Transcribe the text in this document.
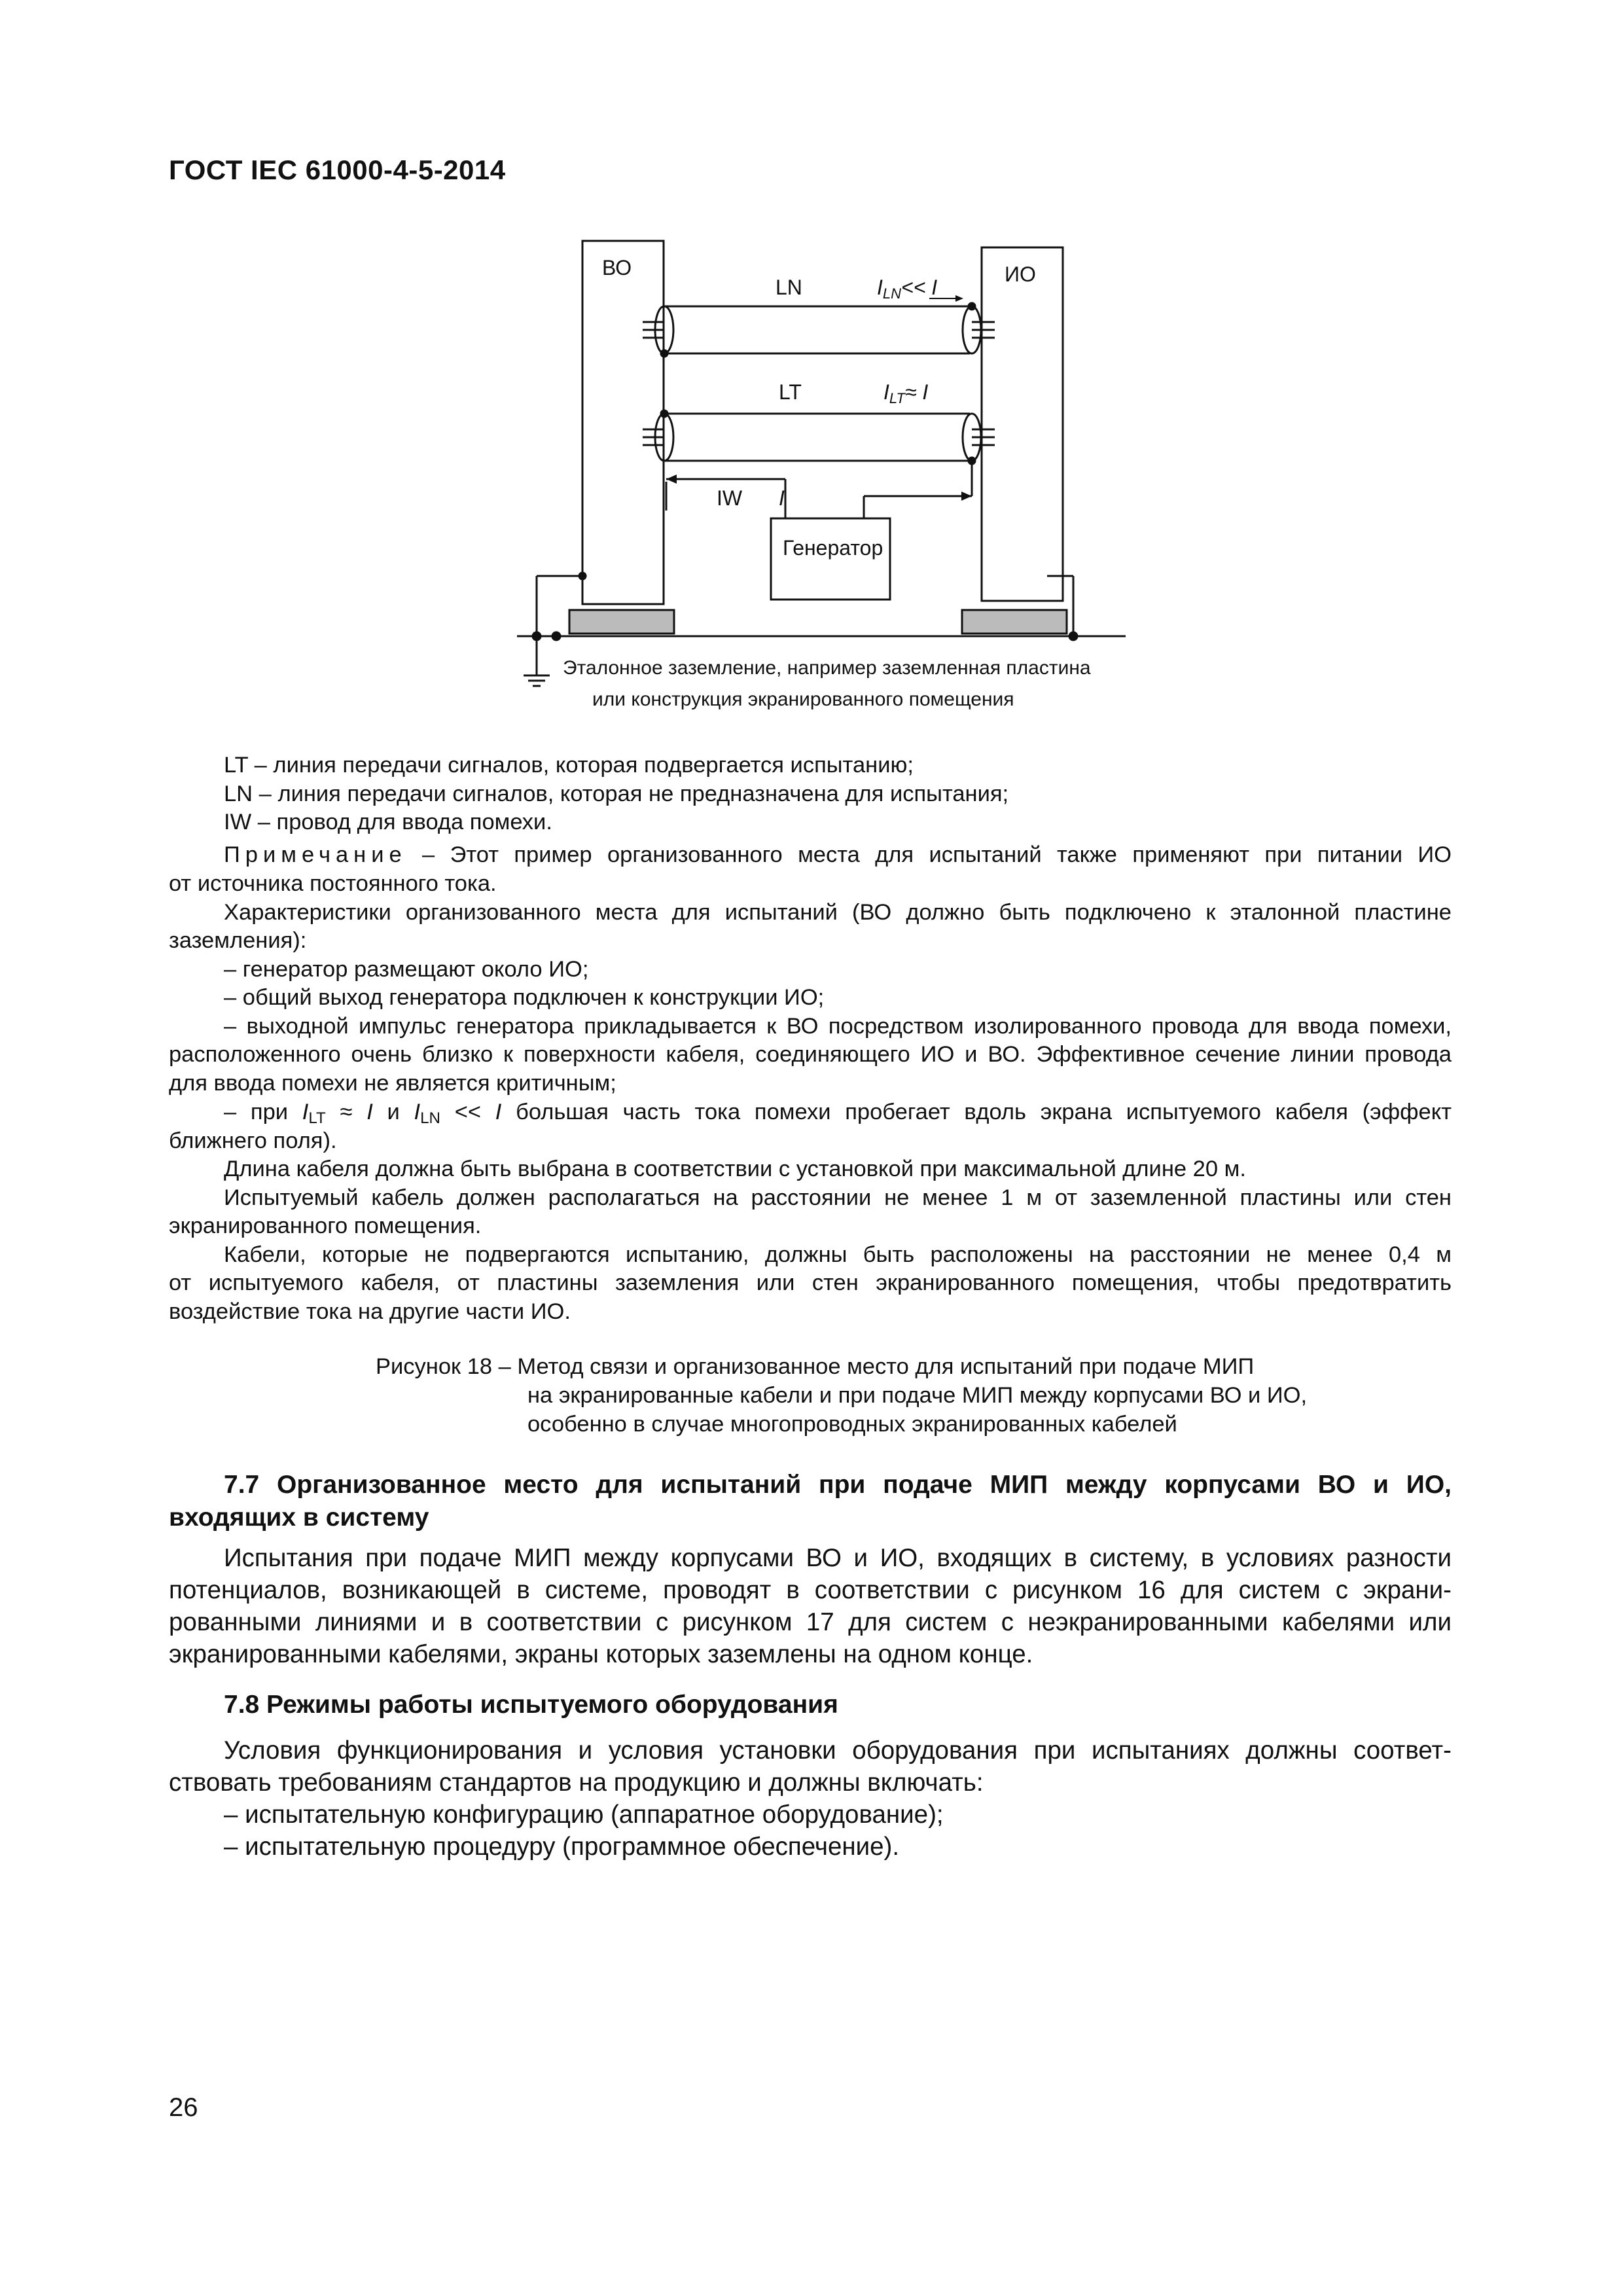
ГОСТ IEC 61000-4-5-2014
ВО	ИО
LN	ILN<< I
LT	ILT≈ I
IW I
Генератор
Эталонное заземление, например заземленная пластина
или конструкция экранированного помещения
LT – линия передачи сигналов, которая подвергается испытанию;
LN – линия передачи сигналов, которая не предназначена для испытания;
IW – провод для ввода помехи.
Примечание – Этот пример организованного места для испытаний также применяют при питании ИО
от источника постоянного тока.
Характеристики организованного места для испытаний (ВО должно быть подключено к эталонной пластине
заземления):
– генератор размещают около ИО;
– общий выход генератора подключен к конструкции ИО;
– выходной импульс генератора прикладывается к ВО посредством изолированного провода для ввода помехи,
расположенного очень близко к поверхности кабеля, соединяющего ИО и ВО. Эффективное сечение линии провода
для ввода помехи не является критичным;
– при $I_{LT} \approx I$ и $I_{LN} << I$ большая часть тока помехи пробегает вдоль экрана испытуемого кабеля (эффект
ближнего поля).
Длина кабеля должна быть выбрана в соответствии с установкой при максимальной длине 20 м.
Испытуемый кабель должен располагаться на расстоянии не менее 1 м от заземленной пластины или стен
экранированного помещения.
Кабели, которые не подвергаются испытанию, должны быть расположены на расстоянии не менее 0,4 м
от испытуемого кабеля, от пластины заземления или стен экранированного помещения, чтобы предотвратить
воздействие тока на другие части ИО.
Рисунок 18 – Метод связи и организованное место для испытаний при подаче МИП
на экранированные кабели и при подаче МИП между корпусами ВО и ИО,
особенно в случае многопроводных экранированных кабелей
7.7 Организованное место для испытаний при подаче МИП между корпусами ВО и ИО,
входящих в систему
Испытания при подаче МИП между корпусами ВО и ИО, входящих в систему, в условиях разности
потенциалов, возникающей в системе, проводят в соответствии с рисунком 16 для систем с экрани-
рованными линиями и в соответствии с рисунком 17 для систем с неэкранированными кабелями или
экранированными кабелями, экраны которых заземлены на одном конце.
7.8 Режимы работы испытуемого оборудования
Условия функционирования и условия установки оборудования при испытаниях должны соответ-
ствовать требованиям стандартов на продукцию и должны включать:
– испытательную конфигурацию (аппаратное оборудование);
– испытательную процедуру (программное обеспечение).
26
